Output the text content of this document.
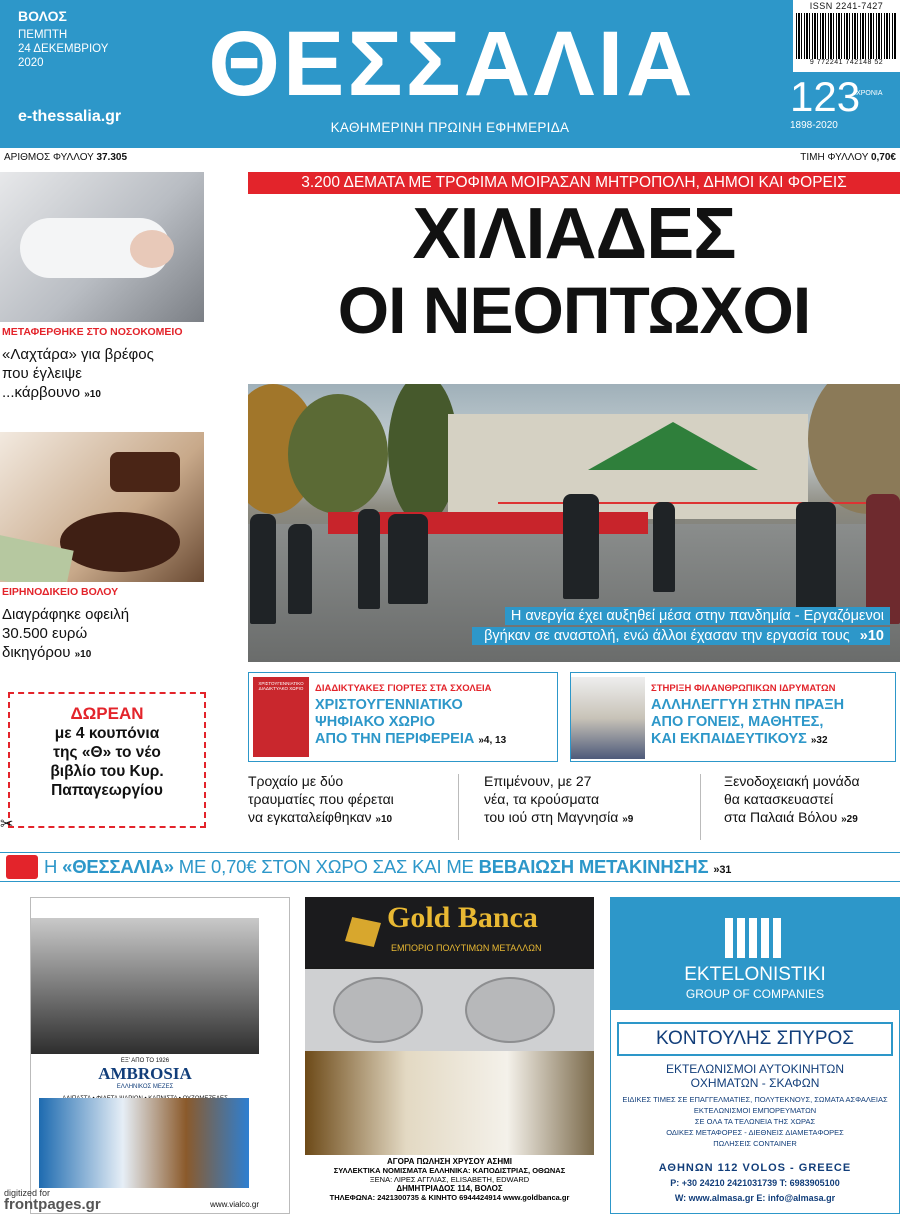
ΒΟΛΟΣ
ΠΕΜΠΤΗ
24 ΔΕΚΕΜΒΡΙΟΥ
2020
e-thessalia.gr
ΘΕΣΣΑΛΙΑ
ΚΑΘΗΜΕΡΙΝΗ ΠΡΩΙΝΗ ΕΦΗΜΕΡΙΔΑ
ISSN 2241-7427
9 772241 742148 52
123ΧΡΟΝΙΑ
1898-2020
ΑΡΙΘΜΟΣ ΦΥΛΛΟΥ 37.305	ΤΙΜΗ ΦΥΛΛΟΥ 0,70€
3.200 ΔΕΜΑΤΑ ΜΕ ΤΡΟΦΙΜΑ ΜΟΙΡΑΣΑΝ ΜΗΤΡΟΠΟΛΗ, ΔΗΜΟΙ ΚΑΙ ΦΟΡΕΙΣ
ΧΙΛΙΑΔΕΣ
ΟΙ ΝΕΟΠΤΩΧΟΙ
Η ανεργία έχει αυξηθεί μέσα στην πανδημία - Εργαζόμενοι
βγήκαν σε αναστολή, ενώ άλλοι έχασαν την εργασία τους »10
ΜΕΤΑΦΕΡΘΗΚΕ ΣΤΟ ΝΟΣΟΚΟΜΕΙΟ
«Λαχτάρα» για βρέφος
που έγλειψε
...κάρβουνο »10
ΕΙΡΗΝΟΔΙΚΕΙΟ ΒΟΛΟΥ
Διαγράφηκε οφειλή
30.500 ευρώ
δικηγόρου »10
ΔΩΡΕΑΝ
με 4 κουπόνια
της «Θ» το νέο
βιβλίο του Κυρ.
Παπαγεωργίου
✂
ΧΡΙΣΤΟΥΓΕΝΝΙΑΤΙΚΟ ΔΙΑΔΙΚΤΥΑΚΟ ΧΩΡΙΟ	ΔΙΑΔΙΚΤΥΑΚΕΣ ΓΙΟΡΤΕΣ ΣΤΑ ΣΧΟΛΕΙΑ
ΧΡΙΣΤΟΥΓΕΝΝΙΑΤΙΚΟ
ΨΗΦΙΑΚΟ ΧΩΡΙΟ
ΑΠΟ ΤΗΝ ΠΕΡΙΦΕΡΕΙΑ »4, 13
ΣΤΗΡΙΞΗ ΦΙΛΑΝΘΡΩΠΙΚΩΝ ΙΔΡΥΜΑΤΩΝ
ΑΛΛΗΛΕΓΓΥΗ ΣΤΗΝ ΠΡΑΞΗ
ΑΠΟ ΓΟΝΕΙΣ, ΜΑΘΗΤΕΣ,
ΚΑΙ ΕΚΠΑΙΔΕΥΤΙΚΟΥΣ »32
Τροχαίο με δύο
τραυματίες που φέρεται
να εγκαταλείφθηκαν »10
Επιμένουν, με 27
νέα, τα κρούσματα
του ιού στη Μαγνησία »9
Ξενοδοχειακή μονάδα
θα κατασκευαστεί
στα Παλαιά Βόλου »29
Η «ΘΕΣΣΑΛΙΑ» ΜΕ 0,70€ ΣΤΟΝ ΧΩΡΟ ΣΑΣ ΚΑΙ ΜΕ ΒΕΒΑΙΩΣΗ ΜΕΤΑΚΙΝΗΣΗΣ »31
ΕΞ' ΑΠΟ ΤΟ 1926
AMBROSIA
ΕΛΛΗΝΙΚΟΣ ΜΕΖΕΣ
www.vialco.gr
Gold Banca
ΕΜΠΟΡΙΟ ΠΟΛΥΤΙΜΩΝ ΜΕΤΑΛΛΩΝ
ΑΓΟΡΑ ΠΩΛΗΣΗ ΧΡΥΣΟΥ ΑΣΗΜΙ
ΣΥΛΛΕΚΤΙΚΑ ΝΟΜΙΣΜΑΤΑ ΕΛΛΗΝΙΚΑ: ΚΑΠΟΔΙΣΤΡΙΑΣ, ΟΘΩΝΑΣ
ΞΕΝΑ: ΛΙΡΕΣ ΑΓΓΛΙΑΣ, ELISABETH, EDWARD
ΔΗΜΗΤΡΙΑΔΟΣ 114, ΒΟΛΟΣ
ΤΗΛΕΦΩΝΑ: 2421300735 & ΚΙΝΗΤΟ 6944424914 www.goldbanca.gr
EKTELONISTIKI
GROUP OF COMPANIES
ΚΟΝΤΟΥΛΗΣ ΣΠΥΡΟΣ
ΕΚΤΕΛΩΝΙΣΜΟΙ ΑΥΤΟΚΙΝΗΤΩΝ
ΟΧΗΜΑΤΩΝ - ΣΚΑΦΩΝ
ΕΙΔΙΚΕΣ ΤΙΜΕΣ ΣΕ ΕΠΑΓΓΕΛΜΑΤΙΕΣ, ΠΟΛΥΤΕΚΝΟΥΣ, ΣΩΜΑΤΑ ΑΣΦΑΛΕΙΑΣ
ΕΚΤΕΛΩΝΙΣΜΟΙ ΕΜΠΟΡΕΥΜΑΤΩΝ
ΣΕ ΟΛΑ ΤΑ ΤΕΛΩΝΕΙΑ ΤΗΣ ΧΩΡΑΣ
ΟΔΙΚΕΣ ΜΕΤΑΦΟΡΕΣ - ΔΙΕΘΝΕΙΣ ΔΙΑΜΕΤΑΦΟΡΕΣ
ΠΩΛΗΣΕΙΣ CONTAINER
ΑΘΗΝΩΝ 112 VOLOS - GREECE
P: +30 24210 2421031739 T: 6983905100
W: www.almasa.gr E: info@almasa.gr
digitized for
frontpages.gr
